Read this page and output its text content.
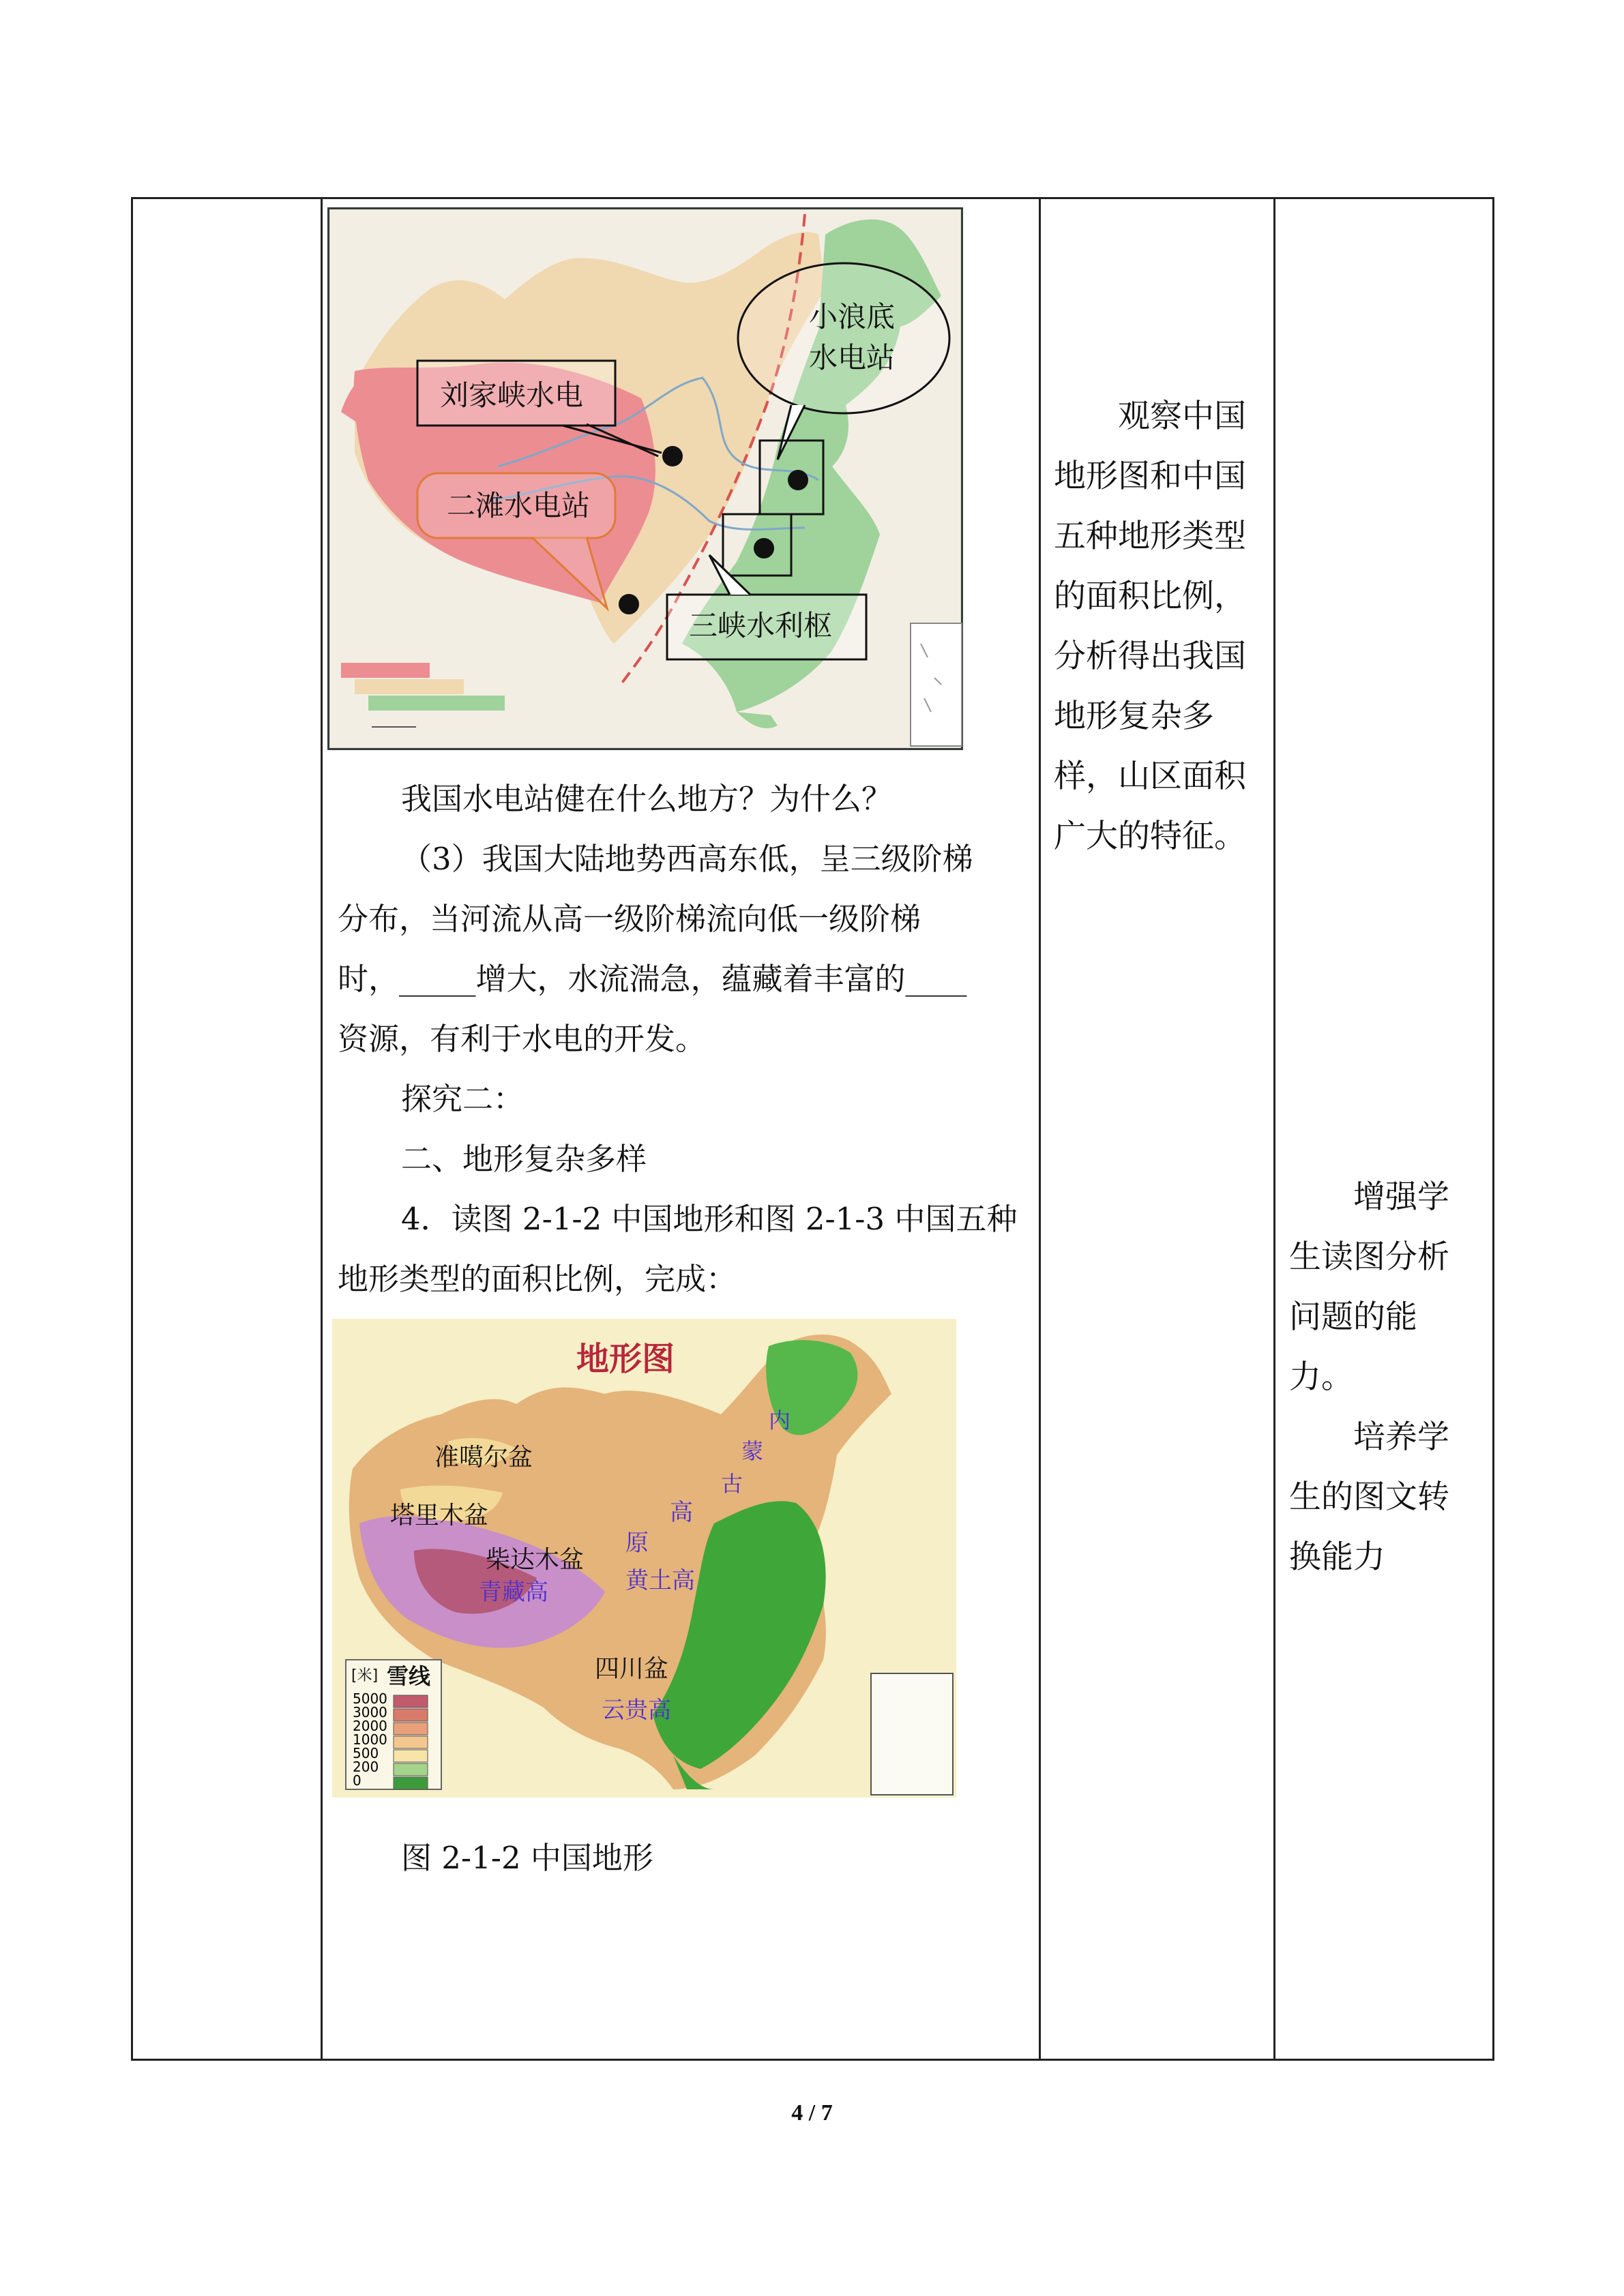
刘家峡水电
二滩水电站
小浪底
水电站
三峡水利枢
我国水电站健在什么地方？为什么？
（3）我国大陆地势西高东低，呈三级阶梯
分布，当河流从高一级阶梯流向低一级阶梯
时，_____增大，水流湍急，蕴藏着丰富的____
资源，有利于水电的开发。
探究二：
二、地形复杂多样
4．读图 2-1-2 中国地形和图 2-1-3 中国五种
地形类型的面积比例，完成：
[米] 雪线
5000
3000
2000
1000
500
200
0
地形图
准噶尔盆
塔里木盆
柴达木盆
青藏高
四川盆
云贵高
黄土高
高
原
内
蒙
古
图 2-1-2 中国地形
观察中国
地形图和中国
五种地形类型
的面积比例，
分析得出我国
地形复杂多
样，山区面积
广大的特征。
增强学
生读图分析
问题的能
力。
培养学
生的图文转
换能力
4 / 7
